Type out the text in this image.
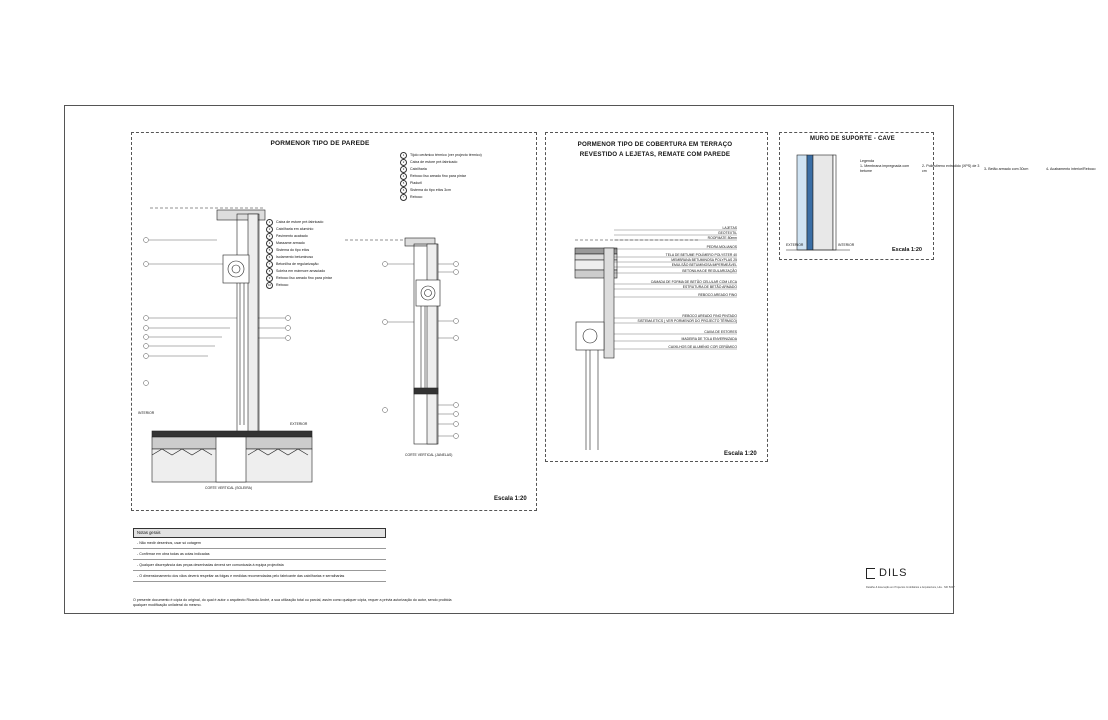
PORMENOR TIPO DE PAREDE
Escala 1:20
1	Tijolo cerâmico térmico (ver projecto térmico)
2	Caixa de estore pré-fabricado
3	Caixilharia
4	Reboco liso areado fino para pintar
5	Pladuril
6	Sistema do tipo etics 3cm
7	Reboco
1	Caixa de estore pré-fabricado
2	Caixilharia em alumínio
3	Pavimento acabado
4	Massame armado
5	Sistema do tipo etics
6	Isolamento betuminoso
7	Betonilha de regularização
8	Soleira em mármore amaciado
9	Reboco liso areado fino para pintar
10	Reboco
INTERIOR
EXTERIOR
CORTE VERTICAL (SOLEIRA)
CORTE VERTICAL (JANELAS)
PORMENOR TIPO DE COBERTURA EM TERRAÇO
REVESTIDO A LEJETAS, REMATE COM PAREDE
Escala 1:20
LAJETAS
GEOTEXTIL
ROOFMATE 80mm
PEDRA MOLIANOS
TELA DE BETUME POLÍMERO POLYSTER 40
MEMBRANA BETUMINOSA POLYPLAS 25
EMULSÃO BETUMINOSA IMPERMEÁVEL
BETONILHA DE REGULARIZAÇÃO
CAMADA DE FORMA DE BETÃO CELULAR COM LECA
ESTRUTURA DE BETÃO ARMADO
REBOCO AREADO FINO
REBOCO AREADO FINO PINTADO
SISTEMA ETICS ( VER PORMENOR DO PROJECTO TÉRMICO)
CAIXA DE ESTORES
MADEIRA DE TOLA ENVERNIZADA
CAIXILHOS DE ALUMÍNIO COR CERÂMICO
MURO DE SUPORTE - CAVE
Escala 1:20
EXTERIOR	INTERIOR
Legenda
1- Membrana impregnada com betume
2- Poliestireno extrudido (XPS) de 3 cm
3- Betão armado com 30cm	4- Acabamento interior/Reboco
Notas gerais
- Não medir desenhos, usar só cotagem
- Confirmar em obra todas as cotas indicadas
- Qualquer discrepância das peças desenhadas deverá ser comunicada à equipa projectista
- O dimensionamento dos vãos deverá respeitar as folgas e medidas recomendadas pelo fabricante das caixilharias e serralharias
O presente documento é cópia do original, do qual é autor o arquitecto Ricardo André, a sua utilização total ou parcial, assim como qualquer cópia, requer a prévia autorização do autor, sendo proibida qualquer modificação unilateral do mesmo.
DILS
Detalhe & Execução em Projectos Imobiliários e Arquitectura, Lda · NIF 5007
